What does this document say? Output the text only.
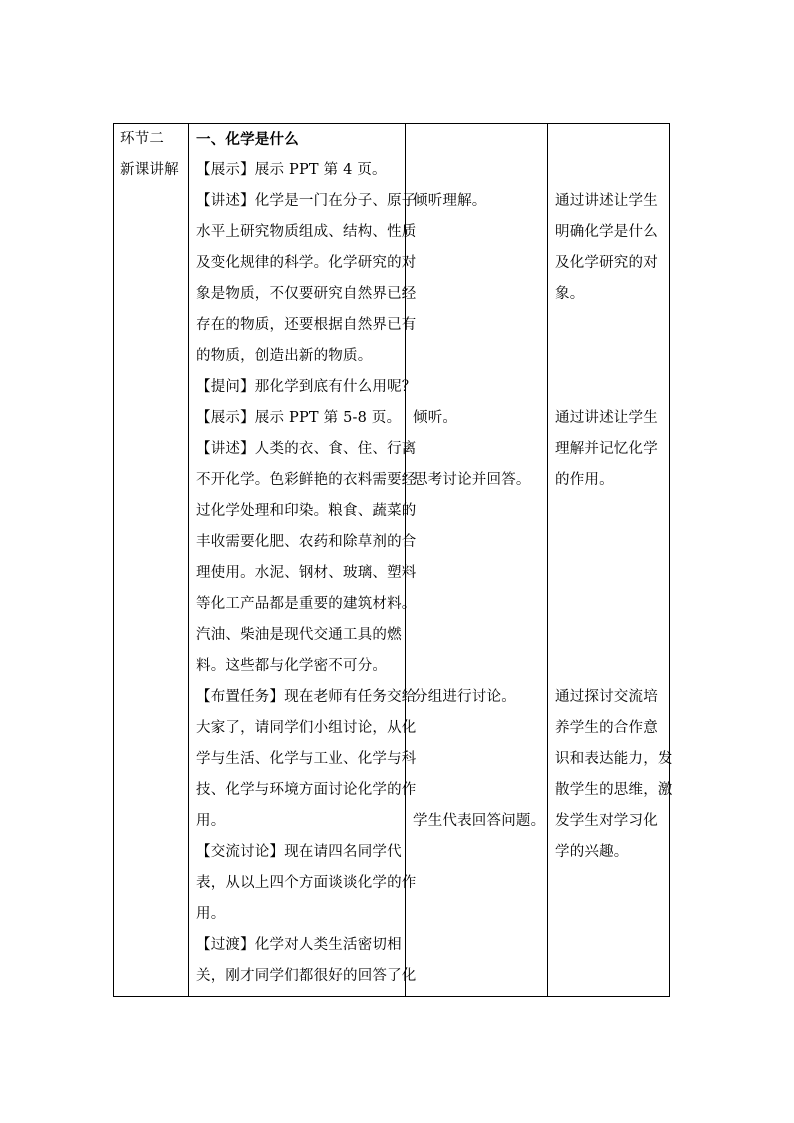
环节二
新课讲解
一、化学是什么
【展示】展示 PPT 第 4 页。
【讲述】化学是一门在分子、原子
水平上研究物质组成、结构、性质
及变化规律的科学。化学研究的对
象是物质，不仅要研究自然界已经
存在的物质，还要根据自然界已有
的物质，创造出新的物质。
【提问】那化学到底有什么用呢？
【展示】展示 PPT 第 5-8 页。
【讲述】人类的衣、食、住、行离
不开化学。色彩鲜艳的衣料需要经
过化学处理和印染。粮食、蔬菜的
丰收需要化肥、农药和除草剂的合
理使用。水泥、钢材、玻璃、塑料
等化工产品都是重要的建筑材料。
汽油、柴油是现代交通工具的燃
料。这些都与化学密不可分。
【布置任务】现在老师有任务交给
大家了，请同学们小组讨论，从化
学与生活、化学与工业、化学与科
技、化学与环境方面讨论化学的作
用。
【交流讨论】现在请四名同学代
表，从以上四个方面谈谈化学的作
用。
【过渡】化学对人类生活密切相
关，刚才同学们都很好的回答了化
倾听理解。
倾听。
思考讨论并回答。
分组进行讨论。
学生代表回答问题。
通过讲述让学生
明确化学是什么
及化学研究的对
象。
通过讲述让学生
理解并记忆化学
的作用。
通过探讨交流培
养学生的合作意
识和表达能力，发
散学生的思维，激
发学生对学习化
学的兴趣。
